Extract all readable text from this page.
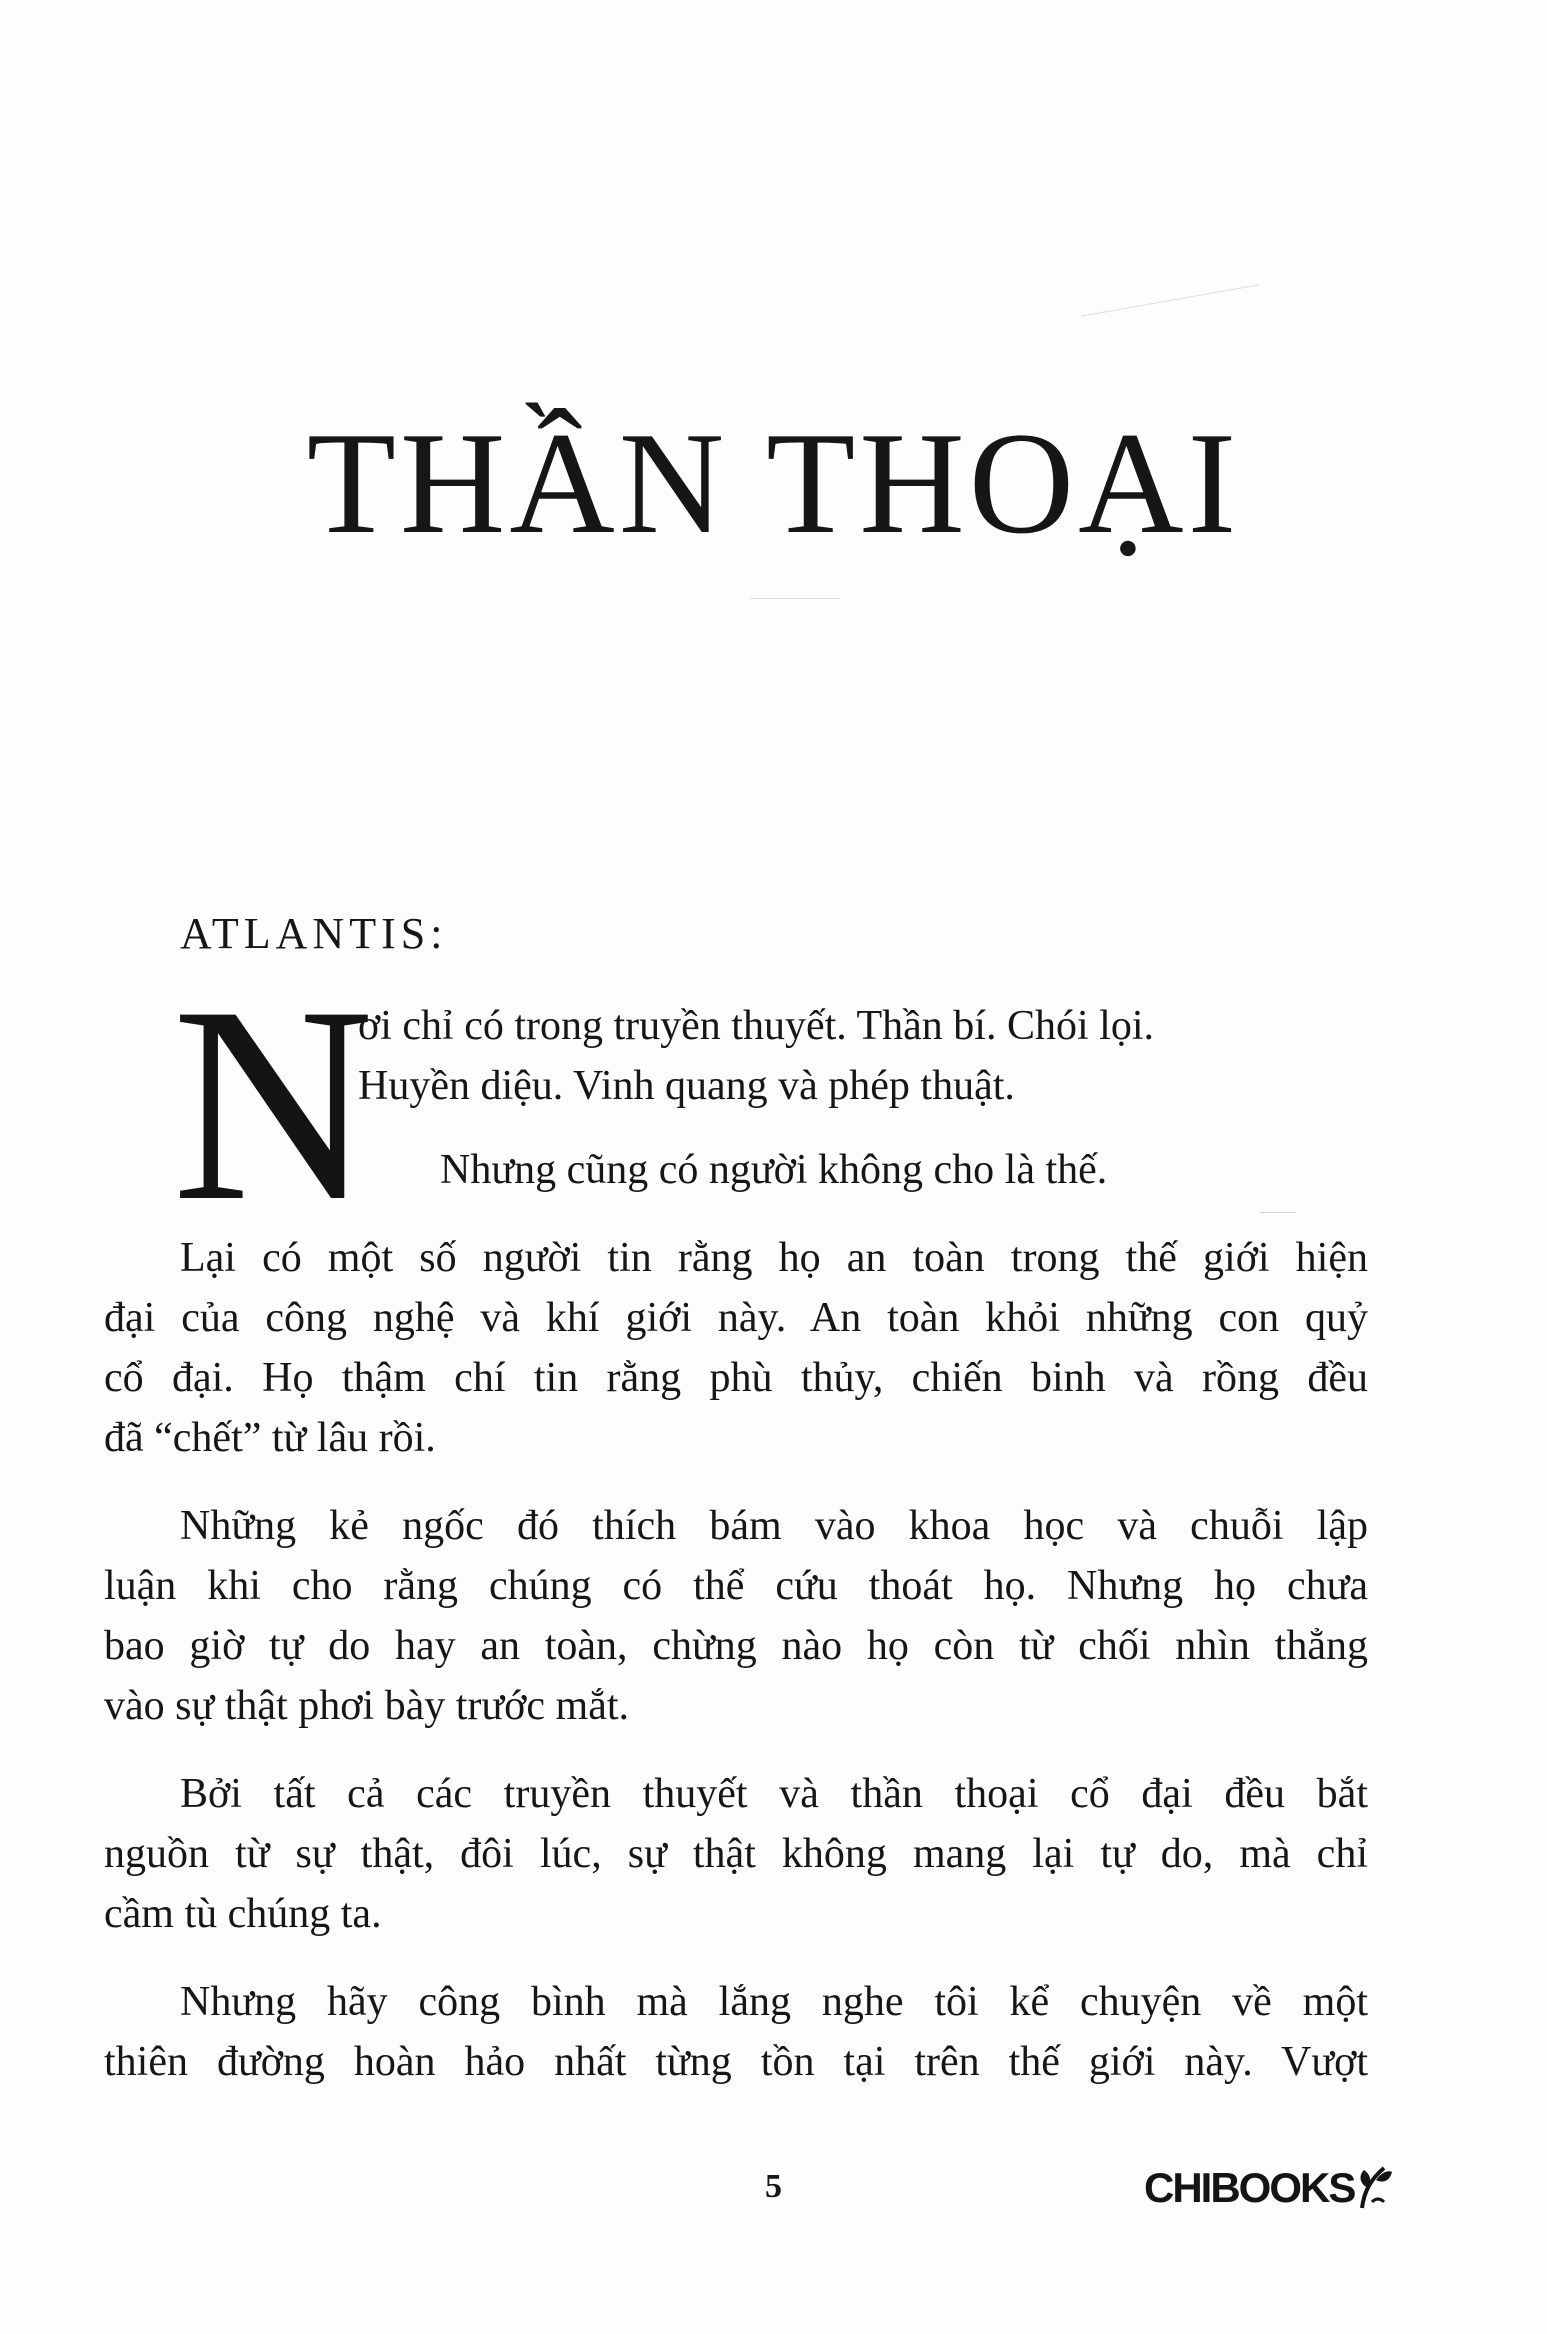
THẦN THOẠI
ATLANTIS:
N

ơi chỉ có trong truyền thuyết. Thần bí. Chói lọi.

Huyền diệu. Vinh quang và phép thuật.

Nhưng cũng có người không cho là thế.

Lại có một số người tin rằng họ an toàn trong thế giới hiện
đại của công nghệ và khí giới này. An toàn khỏi những con quỷ
cổ đại. Họ thậm chí tin rằng phù thủy, chiến binh và rồng đều
đã “chết” từ lâu rồi.
Những kẻ ngốc đó thích bám vào khoa học và chuỗi lập
luận khi cho rằng chúng có thể cứu thoát họ. Nhưng họ chưa
bao giờ tự do hay an toàn, chừng nào họ còn từ chối nhìn thẳng
vào sự thật phơi bày trước mắt.
Bởi tất cả các truyền thuyết và thần thoại cổ đại đều bắt
nguồn từ sự thật, đôi lúc, sự thật không mang lại tự do, mà chỉ
cầm tù chúng ta.
Nhưng hãy công bình mà lắng nghe tôi kể chuyện về một
thiên đường hoàn hảo nhất từng tồn tại trên thế giới này. Vượt
5	CHIBOOKS
